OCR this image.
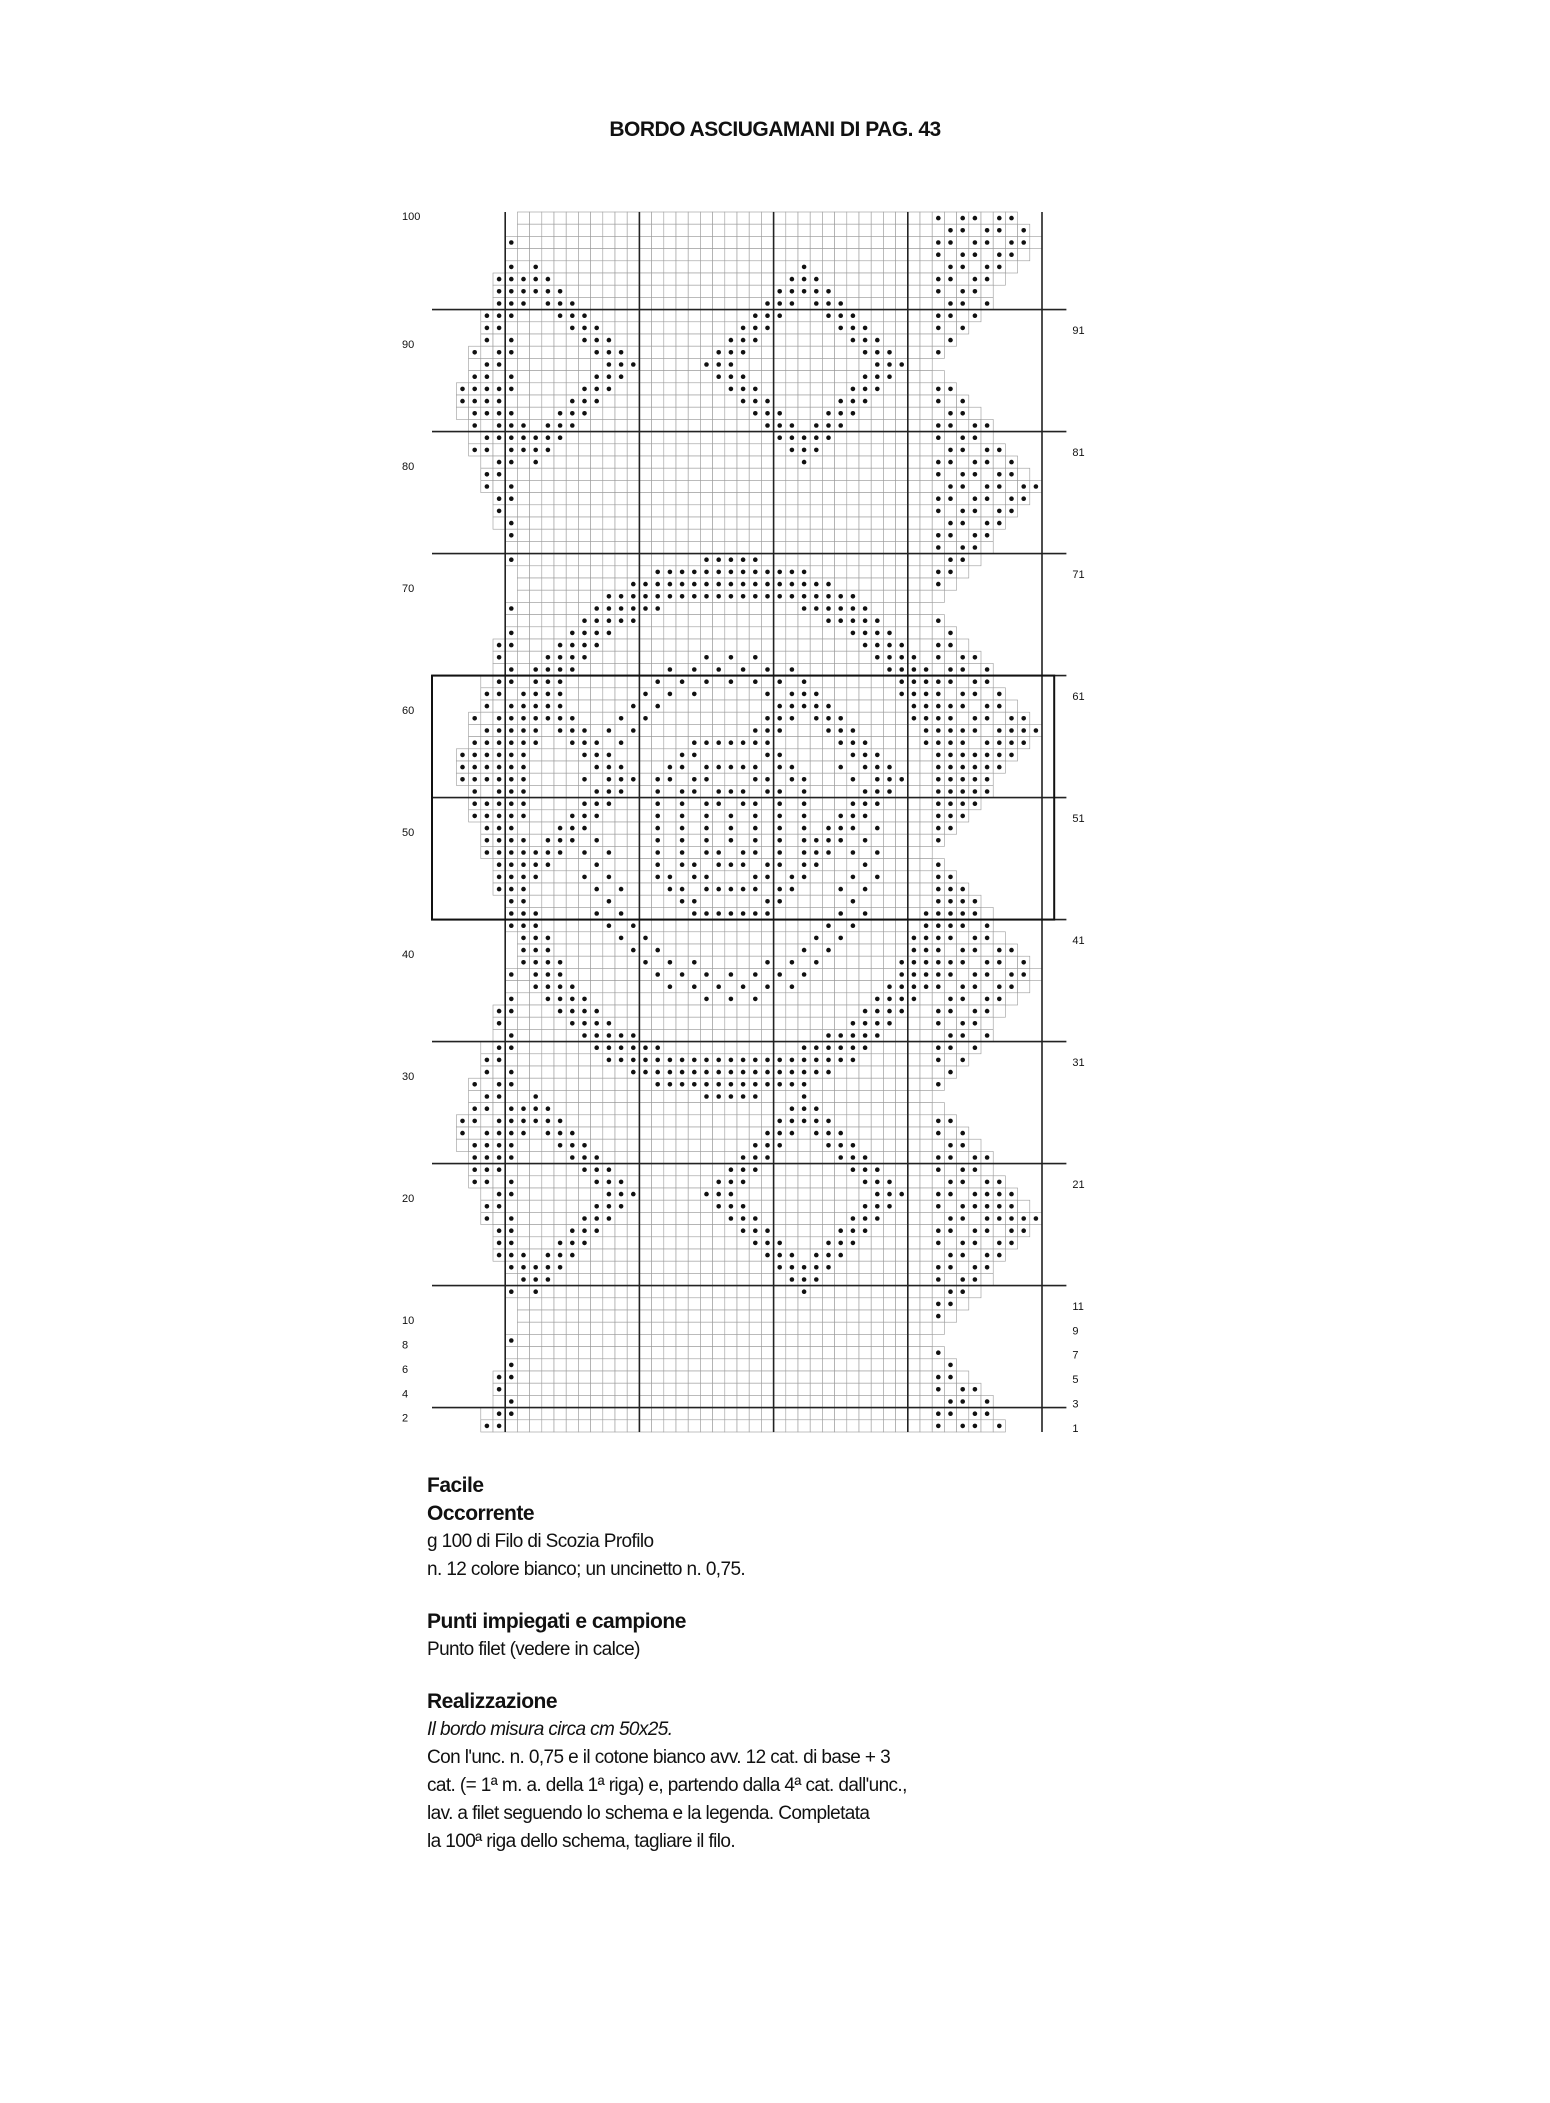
BORDO ASCIUGAMANI DI PAG. 43
100
90
80
70
60
50
40
30
20
10
8
6
4
2
91
81
71
61
51
41
31
21
11
9
7
5
3
1

Facile

Occorrente

g 100 di Filo di Scozia Profilo

n. 12 colore bianco; un uncinetto n. 0,75.

Punti impiegati e campione

Punto filet (vedere in calce)

Realizzazione

Il bordo misura circa cm 50x25.

Con l'unc. n. 0,75 e il cotone bianco avv. 12 cat. di base + 3

cat. (= 1ª m. a. della 1ª riga) e, partendo dalla 4ª cat. dall'unc.,

lav. a filet seguendo lo schema e la legenda. Completata

la 100ª riga dello schema, tagliare il filo.
